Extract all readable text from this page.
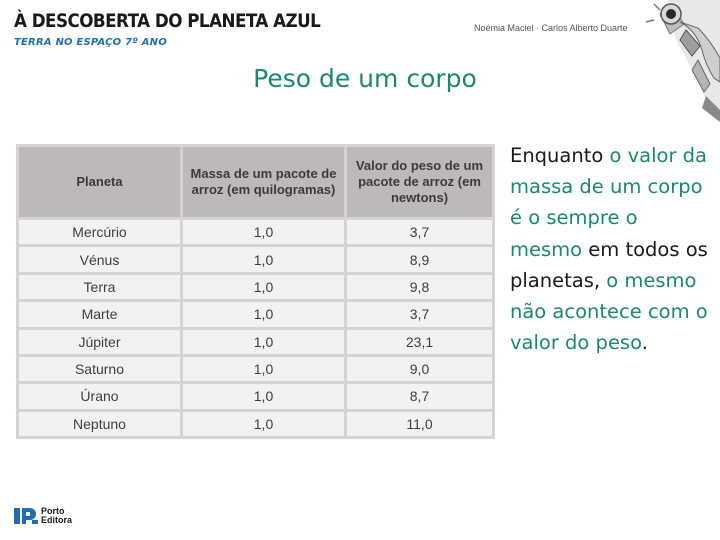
À DESCOBERTA DO PLANETA AZUL
TERRA NO ESPAÇO 7º ANO
Noémia Maciel · Carlos Alberto Duarte
Peso de um corpo
Planeta	Massa de um pacote de arroz (em quilogramas)	Valor do peso de um pacote de arroz (em newtons)
Mercúrio	1,0	3,7
Vénus	1,0	8,9
Terra	1,0	9,8
Marte	1,0	3,7
Júpiter	1,0	23,1
Saturno	1,0	9,0
Úrano	1,0	8,7
Neptuno	1,0	11,0
Enquanto o valor da massa de um corpo é o sempre o mesmo em todos os planetas, o mesmo não acontece com o valor do peso.
Porto
Editora
